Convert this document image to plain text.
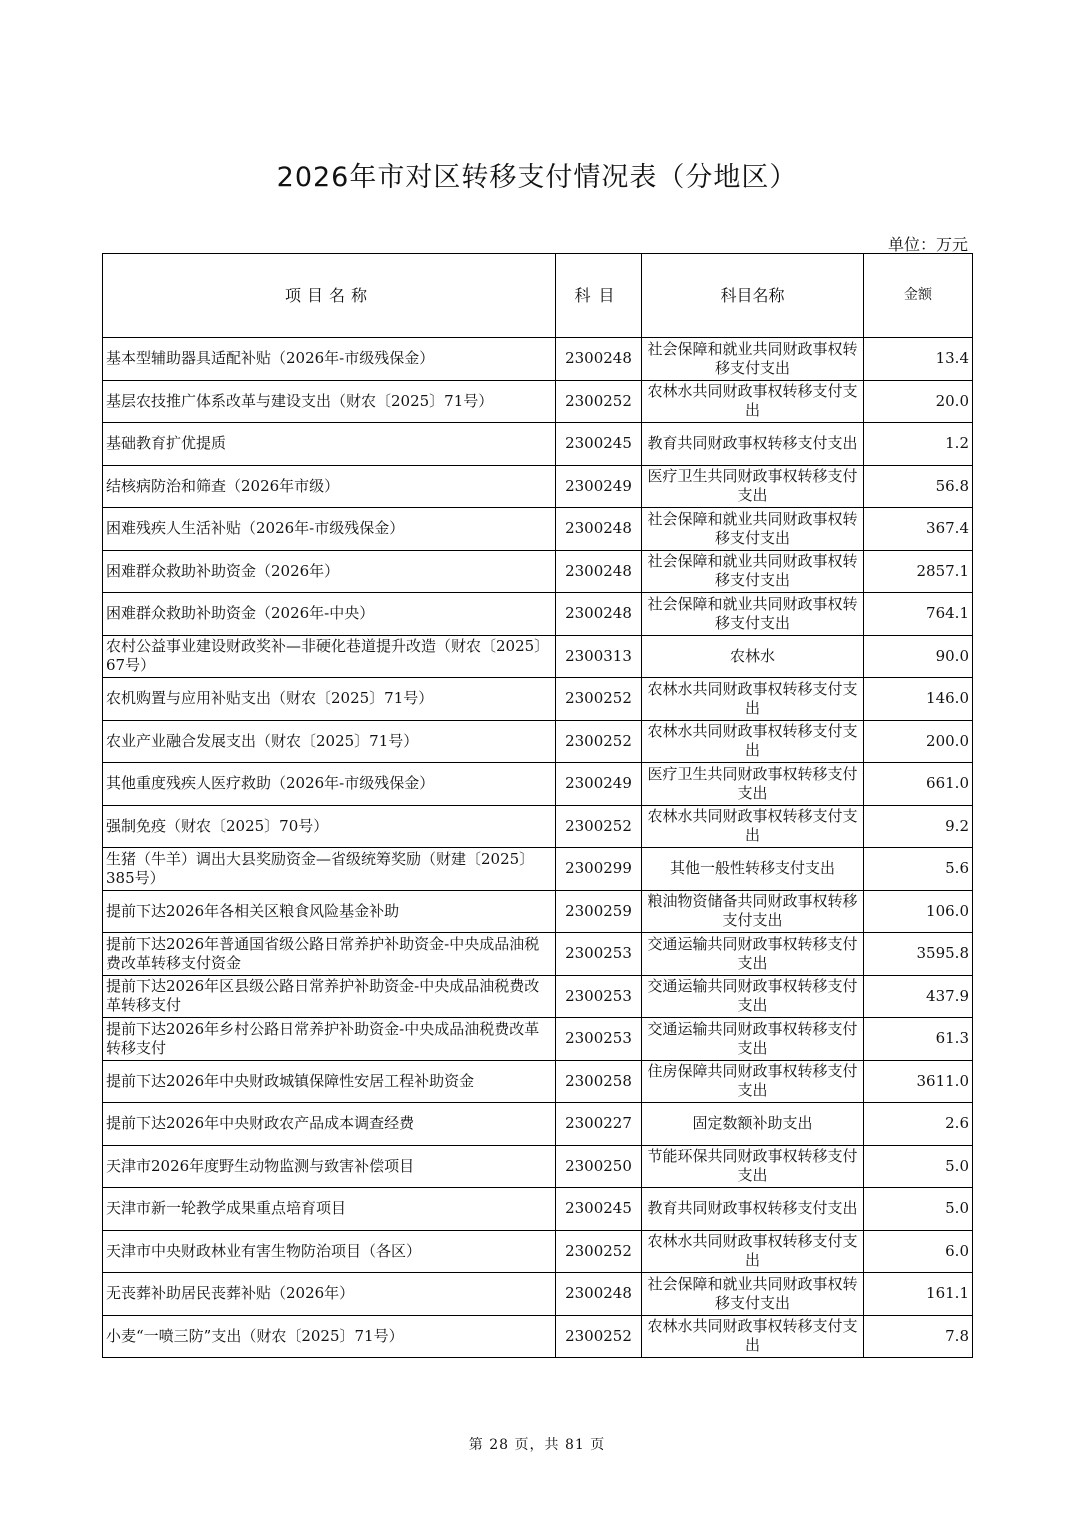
2026年市对区转移支付情况表（分地区）
单位：万元
项目名称	科目	科目名称	金额
基本型辅助器具适配补贴（2026年-市级残保金）	2300248	社会保障和就业共同财政事权转移支付支出	13.4
基层农技推广体系改革与建设支出（财农〔2025〕71号）	2300252	农林水共同财政事权转移支付支出	20.0
基础教育扩优提质	2300245	教育共同财政事权转移支付支出	1.2
结核病防治和筛查（2026年市级）	2300249	医疗卫生共同财政事权转移支付支出	56.8
困难残疾人生活补贴（2026年-市级残保金）	2300248	社会保障和就业共同财政事权转移支付支出	367.4
困难群众救助补助资金（2026年）	2300248	社会保障和就业共同财政事权转移支付支出	2857.1
困难群众救助补助资金（2026年-中央）	2300248	社会保障和就业共同财政事权转移支付支出	764.1
农村公益事业建设财政奖补—非硬化巷道提升改造（财农〔2025〕67号）	2300313	农林水	90.0
农机购置与应用补贴支出（财农〔2025〕71号）	2300252	农林水共同财政事权转移支付支出	146.0
农业产业融合发展支出（财农〔2025〕71号）	2300252	农林水共同财政事权转移支付支出	200.0
其他重度残疾人医疗救助（2026年-市级残保金）	2300249	医疗卫生共同财政事权转移支付支出	661.0
强制免疫（财农〔2025〕70号）	2300252	农林水共同财政事权转移支付支出	9.2
生猪（牛羊）调出大县奖励资金—省级统筹奖励（财建〔2025〕385号）	2300299	其他一般性转移支付支出	5.6
提前下达2026年各相关区粮食风险基金补助	2300259	粮油物资储备共同财政事权转移支付支出	106.0
提前下达2026年普通国省级公路日常养护补助资金-中央成品油税费改革转移支付资金	2300253	交通运输共同财政事权转移支付支出	3595.8
提前下达2026年区县级公路日常养护补助资金-中央成品油税费改革转移支付	2300253	交通运输共同财政事权转移支付支出	437.9
提前下达2026年乡村公路日常养护补助资金-中央成品油税费改革转移支付	2300253	交通运输共同财政事权转移支付支出	61.3
提前下达2026年中央财政城镇保障性安居工程补助资金	2300258	住房保障共同财政事权转移支付支出	3611.0
提前下达2026年中央财政农产品成本调查经费	2300227	固定数额补助支出	2.6
天津市2026年度野生动物监测与致害补偿项目	2300250	节能环保共同财政事权转移支付支出	5.0
天津市新一轮教学成果重点培育项目	2300245	教育共同财政事权转移支付支出	5.0
天津市中央财政林业有害生物防治项目（各区）	2300252	农林水共同财政事权转移支付支出	6.0
无丧葬补助居民丧葬补贴（2026年）	2300248	社会保障和就业共同财政事权转移支付支出	161.1
小麦“一喷三防”支出（财农〔2025〕71号）	2300252	农林水共同财政事权转移支付支出	7.8
第 28 页，共 81 页
